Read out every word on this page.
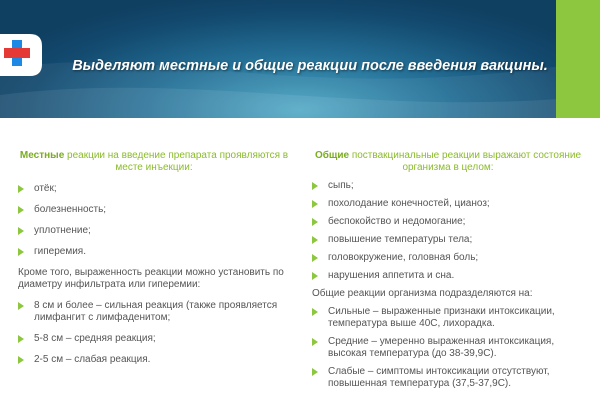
Выделяют местные и общие реакции после введения вакцины.

Местные реакции на введение препарата проявляются в месте инъекции:

отёк;
болезненность;
уплотнение;
гиперемия.

Кроме того, выраженность реакции можно установить по диаметру инфильтрата или гиперемии:

8 см и более – сильная реакция (также проявляется лимфангит с лимфаденитом;
5-8 см – средняя реакция;
2-5 см – слабая реакция.

Общие поствакцинальные реакции выражают состояние организма в целом:

сыпь;
похолодание конечностей, цианоз;
беспокойство и недомогание;
повышение температуры тела;
головокружение, головная боль;
нарушения аппетита и сна.

Общие реакции организма подразделяются на:

Сильные – выраженные признаки интоксикации, температура выше 40С, лихорадка.
Средние – умеренно выраженная интоксикация, высокая температура (до 38-39,9С).
Слабые – симптомы интоксикации отсутствуют, повышенная температура (37,5-37,9С).
